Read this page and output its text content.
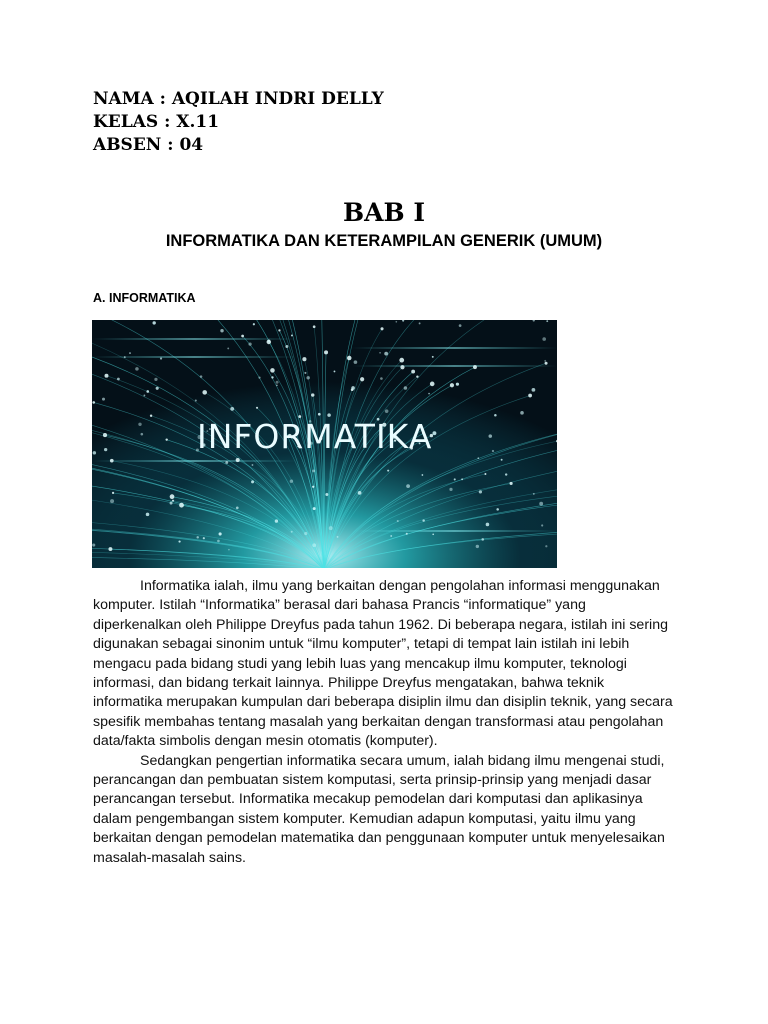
NAMA : AQILAH INDRI DELLY
KELAS : X.11
ABSEN : 04
BAB I
INFORMATIKA DAN KETERAMPILAN GENERIK (UMUM)
A. INFORMATIKA
INFORMATIKA

Informatika ialah, ilmu yang berkaitan dengan pengolahan informasi menggunakan komputer. Istilah “Informatika” berasal dari bahasa Prancis “informatique” yang diperkenalkan oleh Philippe Dreyfus pada tahun 1962. Di beberapa negara, istilah ini sering digunakan sebagai sinonim untuk “ilmu komputer”, tetapi di tempat lain istilah ini lebih mengacu pada bidang studi yang lebih luas yang mencakup ilmu komputer, teknologi informasi, dan bidang terkait lainnya. Philippe Dreyfus mengatakan, bahwa teknik informatika merupakan kumpulan dari beberapa disiplin ilmu dan disiplin teknik, yang secara spesifik membahas tentang masalah yang berkaitan dengan transformasi atau pengolahan data/fakta simbolis dengan mesin otomatis (komputer).

Sedangkan pengertian informatika secara umum, ialah bidang ilmu mengenai studi, perancangan dan pembuatan sistem komputasi, serta prinsip-prinsip yang menjadi dasar perancangan tersebut. Informatika mecakup pemodelan dari komputasi dan aplikasinya dalam pengembangan sistem komputer. Kemudian adapun komputasi, yaitu ilmu yang berkaitan dengan pemodelan matematika dan penggunaan komputer untuk menyelesaikan masalah-masalah sains.
